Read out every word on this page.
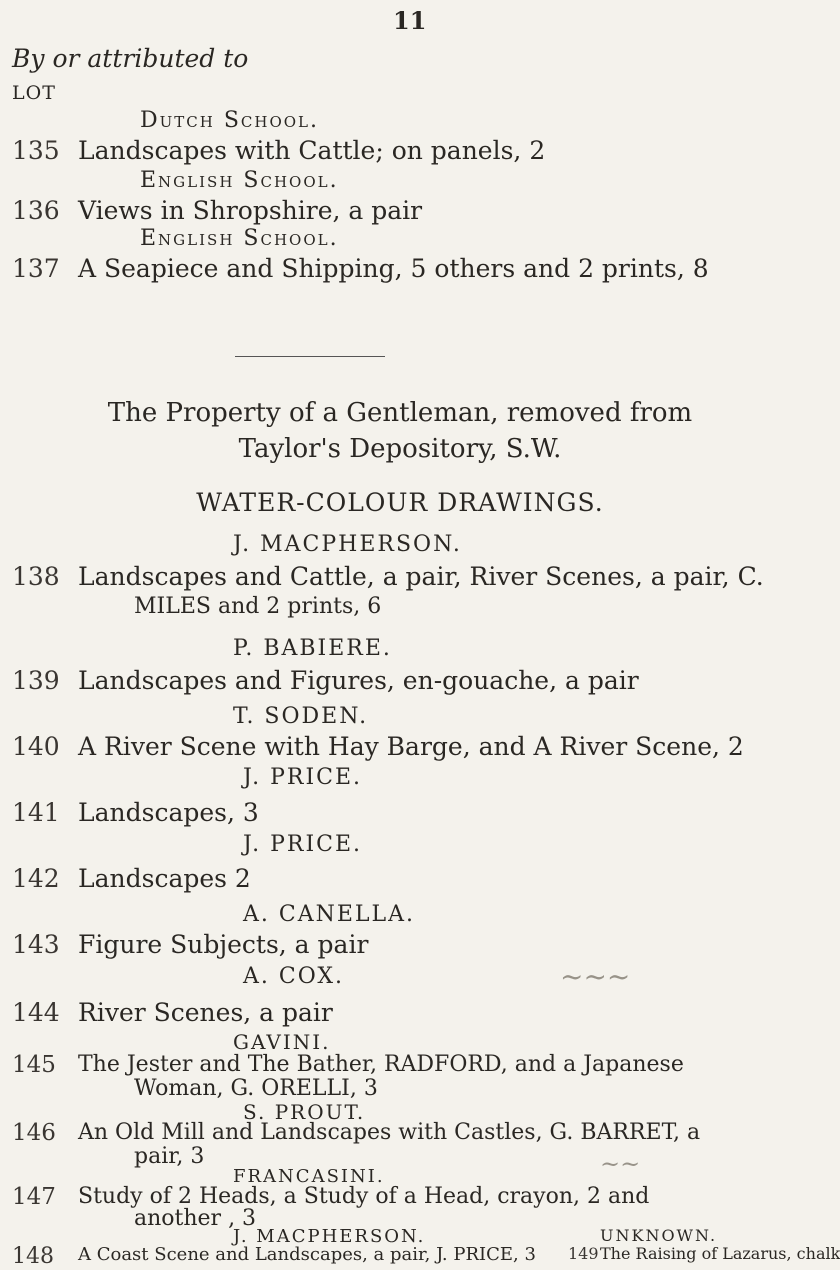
11
By or attributed to
LOT
Dutch School.
135 Landscapes with Cattle; on panels, 2
English School.
136 Views in Shropshire, a pair
English School.
137 A Seapiece and Shipping, 5 others and 2 prints, 8
The Property of a Gentleman, removed from
Taylor's Depository, S.W.
WATER-COLOUR DRAWINGS.
J. MACPHERSON.
138 Landscapes and Cattle, a pair, River Scenes, a pair, C.
MILES and 2 prints, 6
P. BABIERE.
139 Landscapes and Figures, en-gouache, a pair
T. SODEN.
140 A River Scene with Hay Barge, and A River Scene, 2
J. PRICE.
141 Landscapes, 3
J. PRICE.
142 Landscapes 2
A. CANELLA.
143 Figure Subjects, a pair
A. COX.
144 River Scenes, a pair
GAVINI.
145 The Jester and The Bather, RADFORD, and a Japanese
Woman, G. ORELLI, 3
S. PROUT.
146 An Old Mill and Landscapes with Castles, G. BARRET, a
pair, 3
FRANCASINI.
~~~
~~
147 Study of 2 Heads, a Study of a Head, crayon, 2 and
another , 3
J. MACPHERSON.
148 A Coast Scene and Landscapes, a pair, J. PRICE, 3
UNKNOWN.
149 The Raising of Lazarus, chalk
